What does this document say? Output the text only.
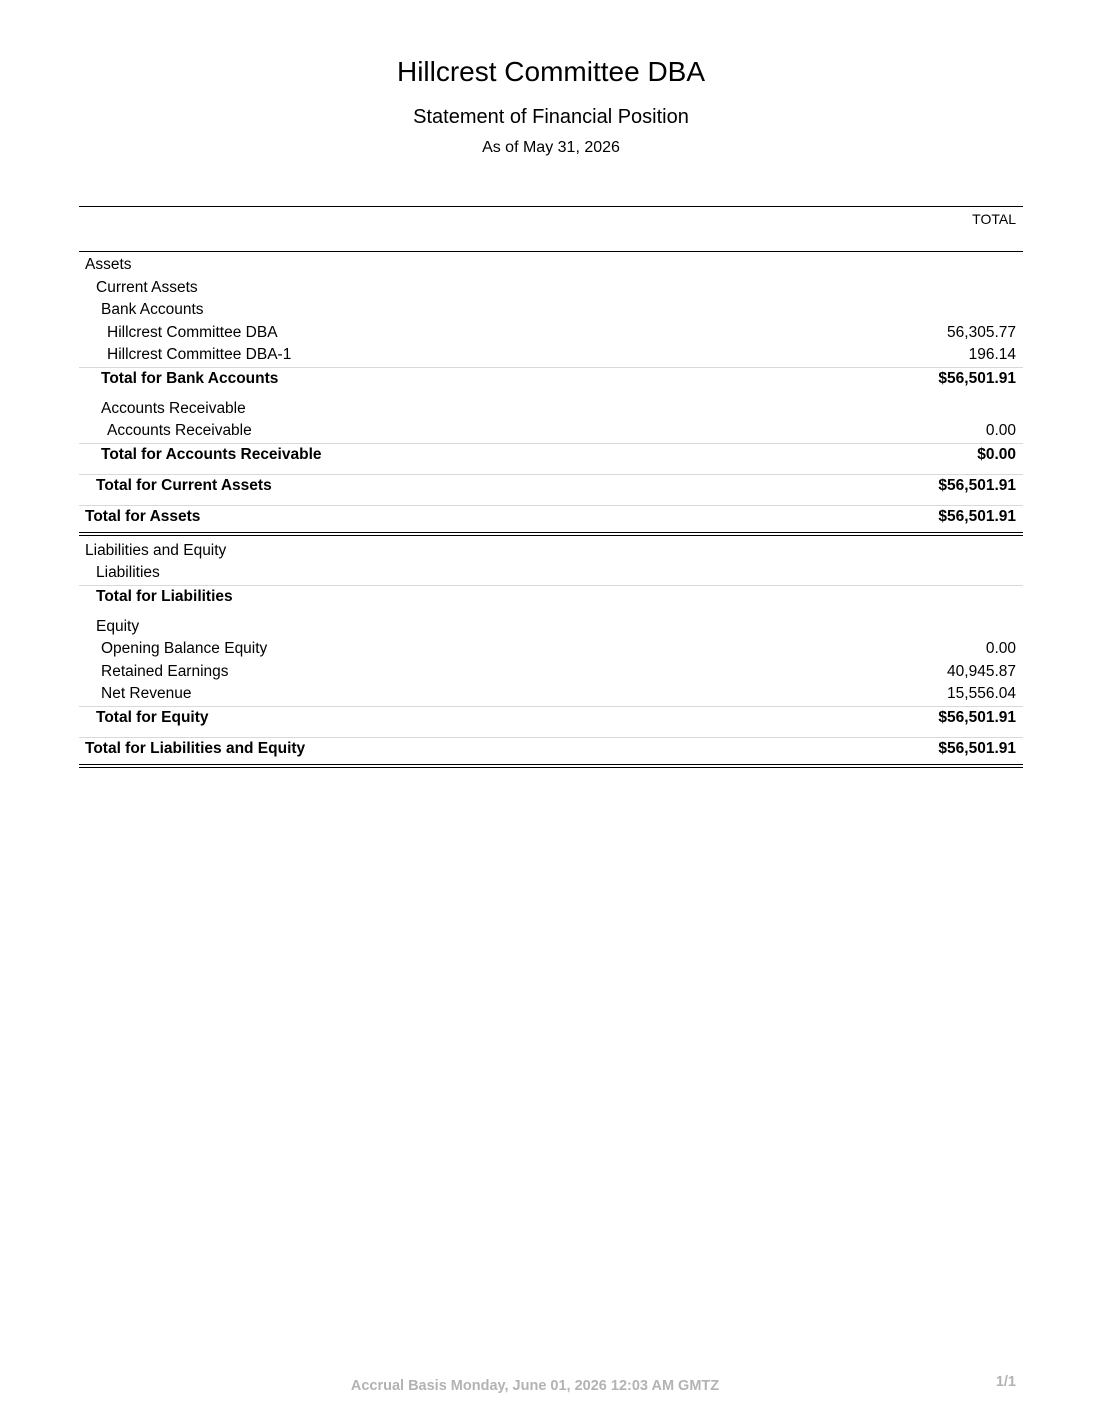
Hillcrest Committee DBA
Statement of Financial Position
As of May 31, 2026
TOTAL
Assets
Current Assets
Bank Accounts
Hillcrest Committee DBA	56,305.77
Hillcrest Committee DBA-1	196.14
Total for Bank Accounts	$56,501.91
Accounts Receivable
Accounts Receivable	0.00
Total for Accounts Receivable	$0.00
Total for Current Assets	$56,501.91
Total for Assets	$56,501.91
Liabilities and Equity
Liabilities
Total for Liabilities
Equity
Opening Balance Equity	0.00
Retained Earnings	40,945.87
Net Revenue	15,556.04
Total for Equity	$56,501.91
Total for Liabilities and Equity	$56,501.91
Accrual Basis Monday, June 01, 2026 12:03 AM GMTZ	1/1
